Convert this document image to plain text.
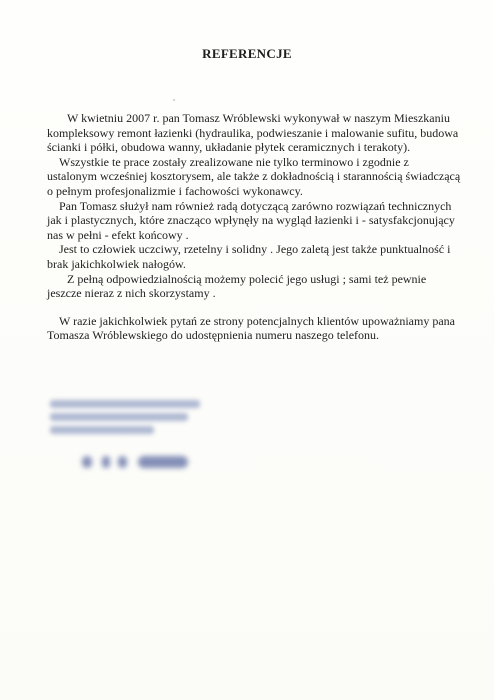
REFERENCJE

W kwietniu 2007 r. pan Tomasz Wróblewski wykonywał w naszym Mieszkaniu kompleksowy remont łazienki (hydraulika, podwieszanie i malowanie sufitu, budowa ścianki i półki, obudowa wanny, układanie płytek ceramicznych i terakoty).

Wszystkie te prace zostały zrealizowane nie tylko terminowo i zgodnie z ustalonym wcześniej kosztorysem, ale także z dokładnością i starannością świadczącą o pełnym profesjonalizmie i fachowości wykonawcy.

Pan Tomasz służył nam również radą dotyczącą zarówno rozwiązań technicznych jak i plastycznych, które znacząco wpłynęły na wygląd łazienki i - satysfakcjonujący nas w pełni - efekt końcowy .

Jest to człowiek uczciwy, rzetelny i solidny . Jego zaletą jest także punktualność i brak jakichkolwiek nałogów.

Z pełną odpowiedzialnością możemy polecić jego usługi ; sami też pewnie jeszcze nieraz z nich skorzystamy .

W razie jakichkolwiek pytań ze strony potencjalnych klientów upoważniamy pana Tomasza Wróblewskiego do udostępnienia numeru naszego telefonu.
